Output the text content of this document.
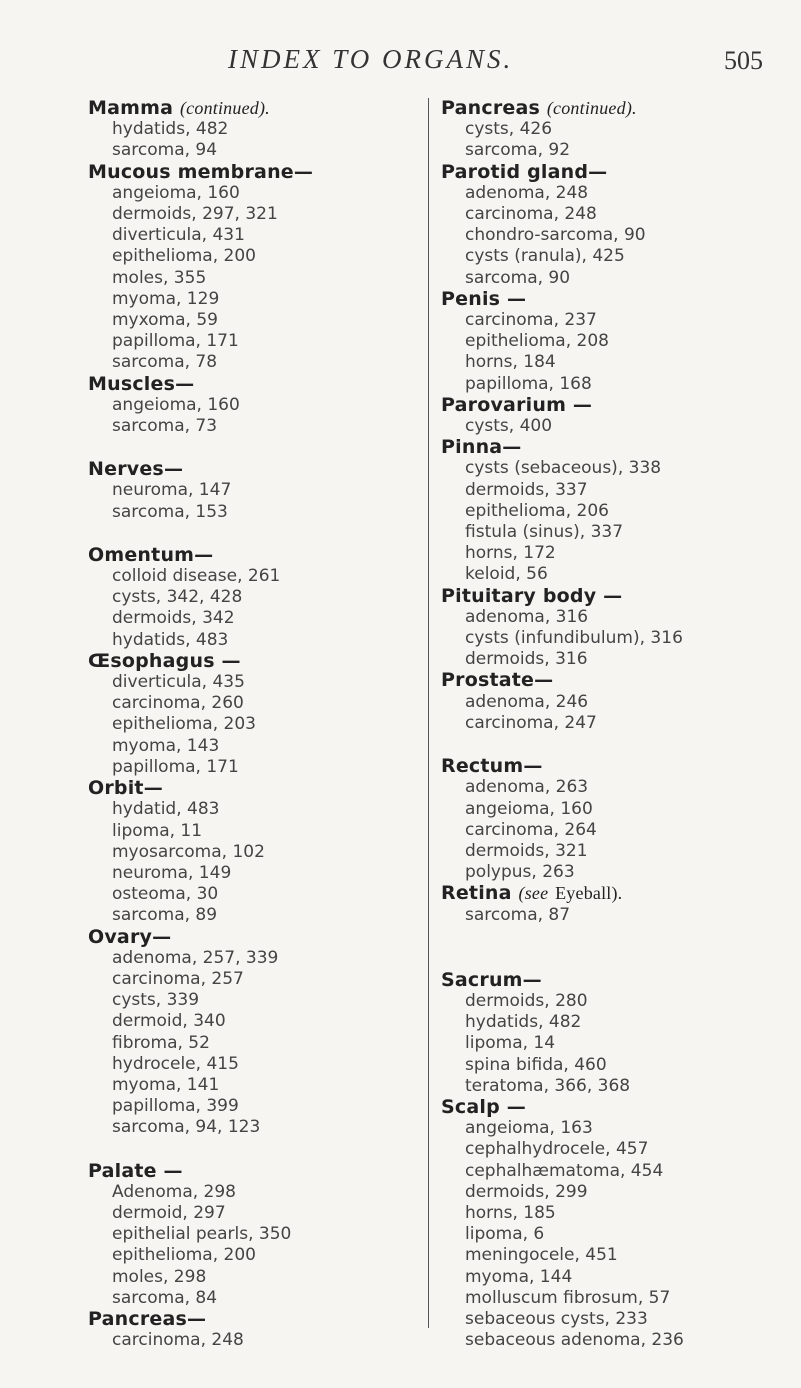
INDEX TO ORGANS.	505
Mamma (continued).
hydatids, 482
sarcoma, 94
Mucous membrane—
angeioma, 160
dermoids, 297, 321
diverticula, 431
epithelioma, 200
moles, 355
myoma, 129
myxoma, 59
papilloma, 171
sarcoma, 78
Muscles—
angeioma, 160
sarcoma, 73
Nerves—
neuroma, 147
sarcoma, 153
Omentum—
colloid disease, 261
cysts, 342, 428
dermoids, 342
hydatids, 483
Œsophagus —
diverticula, 435
carcinoma, 260
epithelioma, 203
myoma, 143
papilloma, 171
Orbit—
hydatid, 483
lipoma, 11
myosarcoma, 102
neuroma, 149
osteoma, 30
sarcoma, 89
Ovary—
adenoma, 257, 339
carcinoma, 257
cysts, 339
dermoid, 340
fibroma, 52
hydrocele, 415
myoma, 141
papilloma, 399
sarcoma, 94, 123
Palate —
Adenoma, 298
dermoid, 297
epithelial pearls, 350
epithelioma, 200
moles, 298
sarcoma, 84
Pancreas—
carcinoma, 248
Pancreas (continued).
cysts, 426
sarcoma, 92
Parotid gland—
adenoma, 248
carcinoma, 248
chondro-sarcoma, 90
cysts (ranula), 425
sarcoma, 90
Penis —
carcinoma, 237
epithelioma, 208
horns, 184
papilloma, 168
Parovarium —
cysts, 400
Pinna—
cysts (sebaceous), 338
dermoids, 337
epithelioma, 206
fistula (sinus), 337
horns, 172
keloid, 56
Pituitary body —
adenoma, 316
cysts (infundibulum), 316
dermoids, 316
Prostate—
adenoma, 246
carcinoma, 247
Rectum—
adenoma, 263
angeioma, 160
carcinoma, 264
dermoids, 321
polypus, 263
Retina (see Eyeball).
sarcoma, 87
Sacrum—
dermoids, 280
hydatids, 482
lipoma, 14
spina bifida, 460
teratoma, 366, 368
Scalp —
angeioma, 163
cephalhydrocele, 457
cephalhæmatoma, 454
dermoids, 299
horns, 185
lipoma, 6
meningocele, 451
myoma, 144
molluscum fibrosum, 57
sebaceous cysts, 233
sebaceous adenoma, 236
